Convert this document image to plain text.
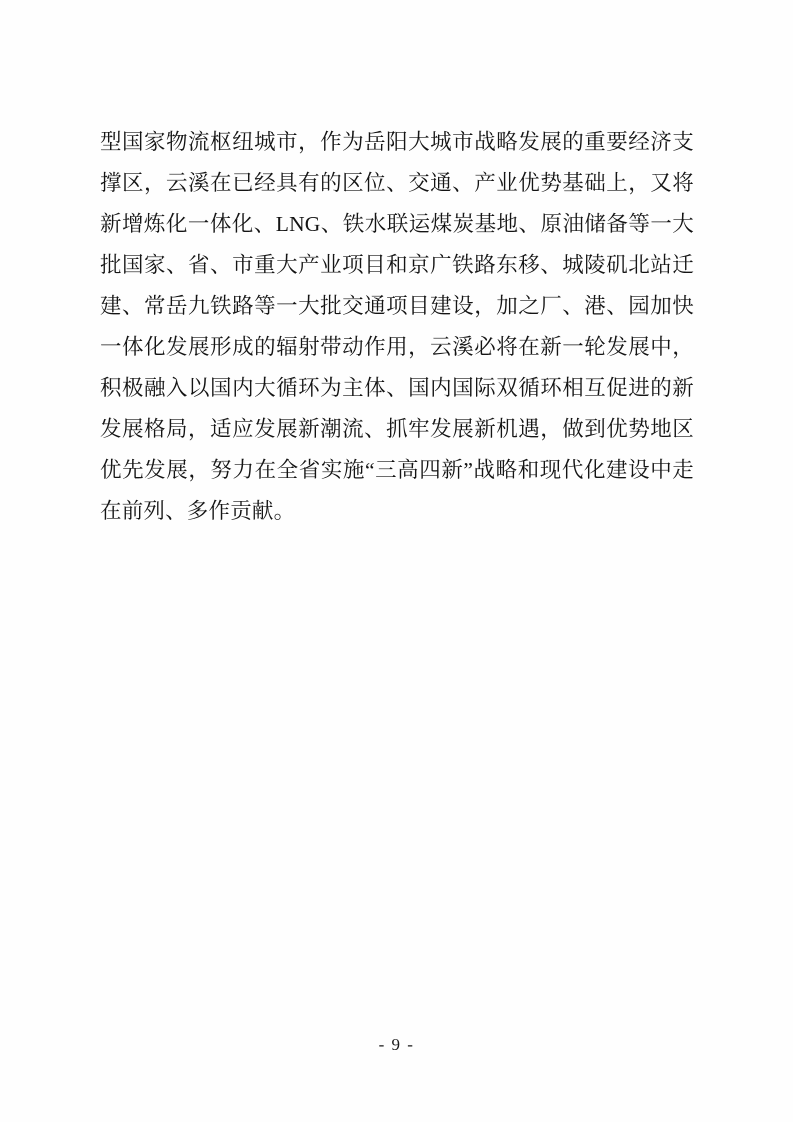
型国家物流枢纽城市，作为岳阳大城市战略发展的重要经济支撑区，云溪在已经具有的区位、交通、产业优势基础上，又将新增炼化一体化、LNG、铁水联运煤炭基地、原油储备等一大批国家、省、市重大产业项目和京广铁路东移、城陵矶北站迁建、常岳九铁路等一大批交通项目建设，加之厂、港、园加快一体化发展形成的辐射带动作用，云溪必将在新一轮发展中，积极融入以国内大循环为主体、国内国际双循环相互促进的新发展格局，适应发展新潮流、抓牢发展新机遇，做到优势地区优先发展，努力在全省实施“三高四新”战略和现代化建设中走在前列、多作贡献。

- 9 -
